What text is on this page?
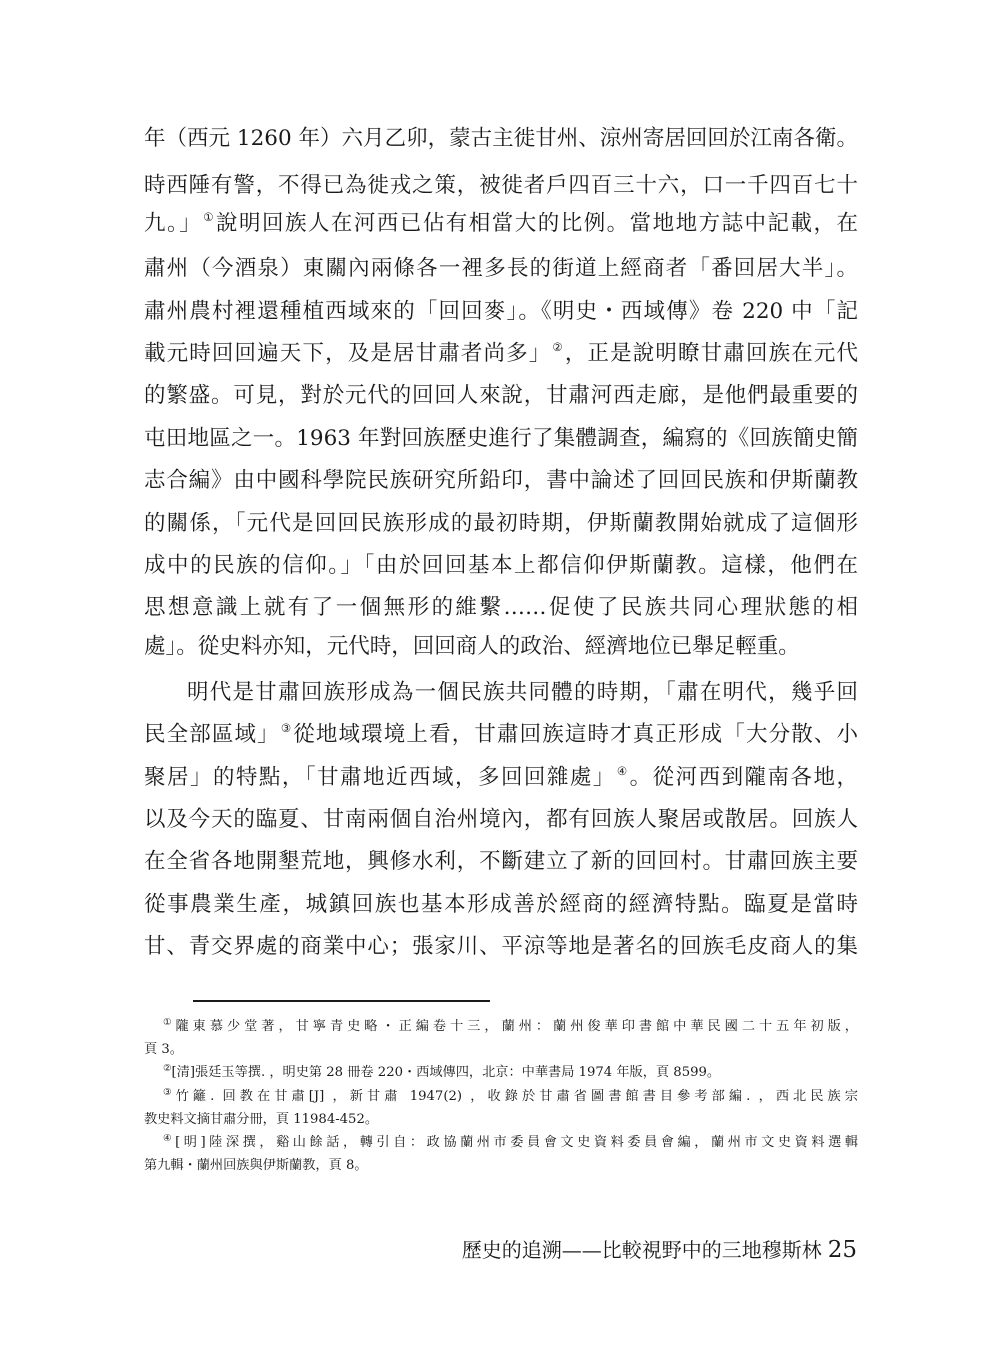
年（西元 1260 年）六月乙卯，蒙古主徙甘州、涼州寄居回回於江南各衛。
時西陲有警，不得已為徙戎之策，被徙者戶四百三十六，口一千四百七十
九。」①說明回族人在河西已佔有相當大的比例。當地地方誌中記載，在
肅州（今酒泉）東關內兩條各一裡多長的街道上經商者「番回居大半」。
肅州農村裡還種植西域來的「回回麥」。《明史・西域傳》卷 220 中「記
載元時回回遍天下，及是居甘肅者尚多」②，正是說明瞭甘肅回族在元代
的繁盛。可見，對於元代的回回人來說，甘肅河西走廊，是他們最重要的
屯田地區之一。1963 年對回族歷史進行了集體調查，編寫的《回族簡史簡
志合編》由中國科學院民族研究所鉛印，書中論述了回回民族和伊斯蘭教
的關係，「元代是回回民族形成的最初時期，伊斯蘭教開始就成了這個形
成中的民族的信仰。」「由於回回基本上都信仰伊斯蘭教。這樣，他們在
思想意識上就有了一個無形的維繫……促使了民族共同心理狀態的相
處」。從史料亦知，元代時，回回商人的政治、經濟地位已舉足輕重。
明代是甘肅回族形成為一個民族共同體的時期，「肅在明代，幾乎回
民全部區域」③從地域環境上看，甘肅回族這時才真正形成「大分散、小
聚居」的特點，「甘肅地近西域，多回回雜處」④。從河西到隴南各地，
以及今天的臨夏、甘南兩個自治州境內，都有回族人聚居或散居。回族人
在全省各地開墾荒地，興修水利，不斷建立了新的回回村。甘肅回族主要
從事農業生產，城鎮回族也基本形成善於經商的經濟特點。臨夏是當時
甘、青交界處的商業中心；張家川、平涼等地是著名的回族毛皮商人的集
①隴東慕少堂著，甘寧青史略・正編卷十三，蘭州：蘭州俊華印書館中華民國二十五年初版，
頁 3。
②[清]張廷玉等撰. ，明史第 28 冊卷 220・西域傳四，北京：中華書局 1974 年版，頁 8599。
③竹籬. 回教在甘肅[J] ，新甘肅 1947(2) ，收錄於甘肅省圖書館書目參考部編. ，西北民族宗
教史料文摘甘肅分冊，頁 11984-452。
④[明]陸深撰，谿山餘話，轉引自：政協蘭州市委員會文史資料委員會編，蘭州市文史資料選輯
第九輯・蘭州回族與伊斯蘭教，頁 8。
歷史的追溯——比較視野中的三地穆斯林 25
